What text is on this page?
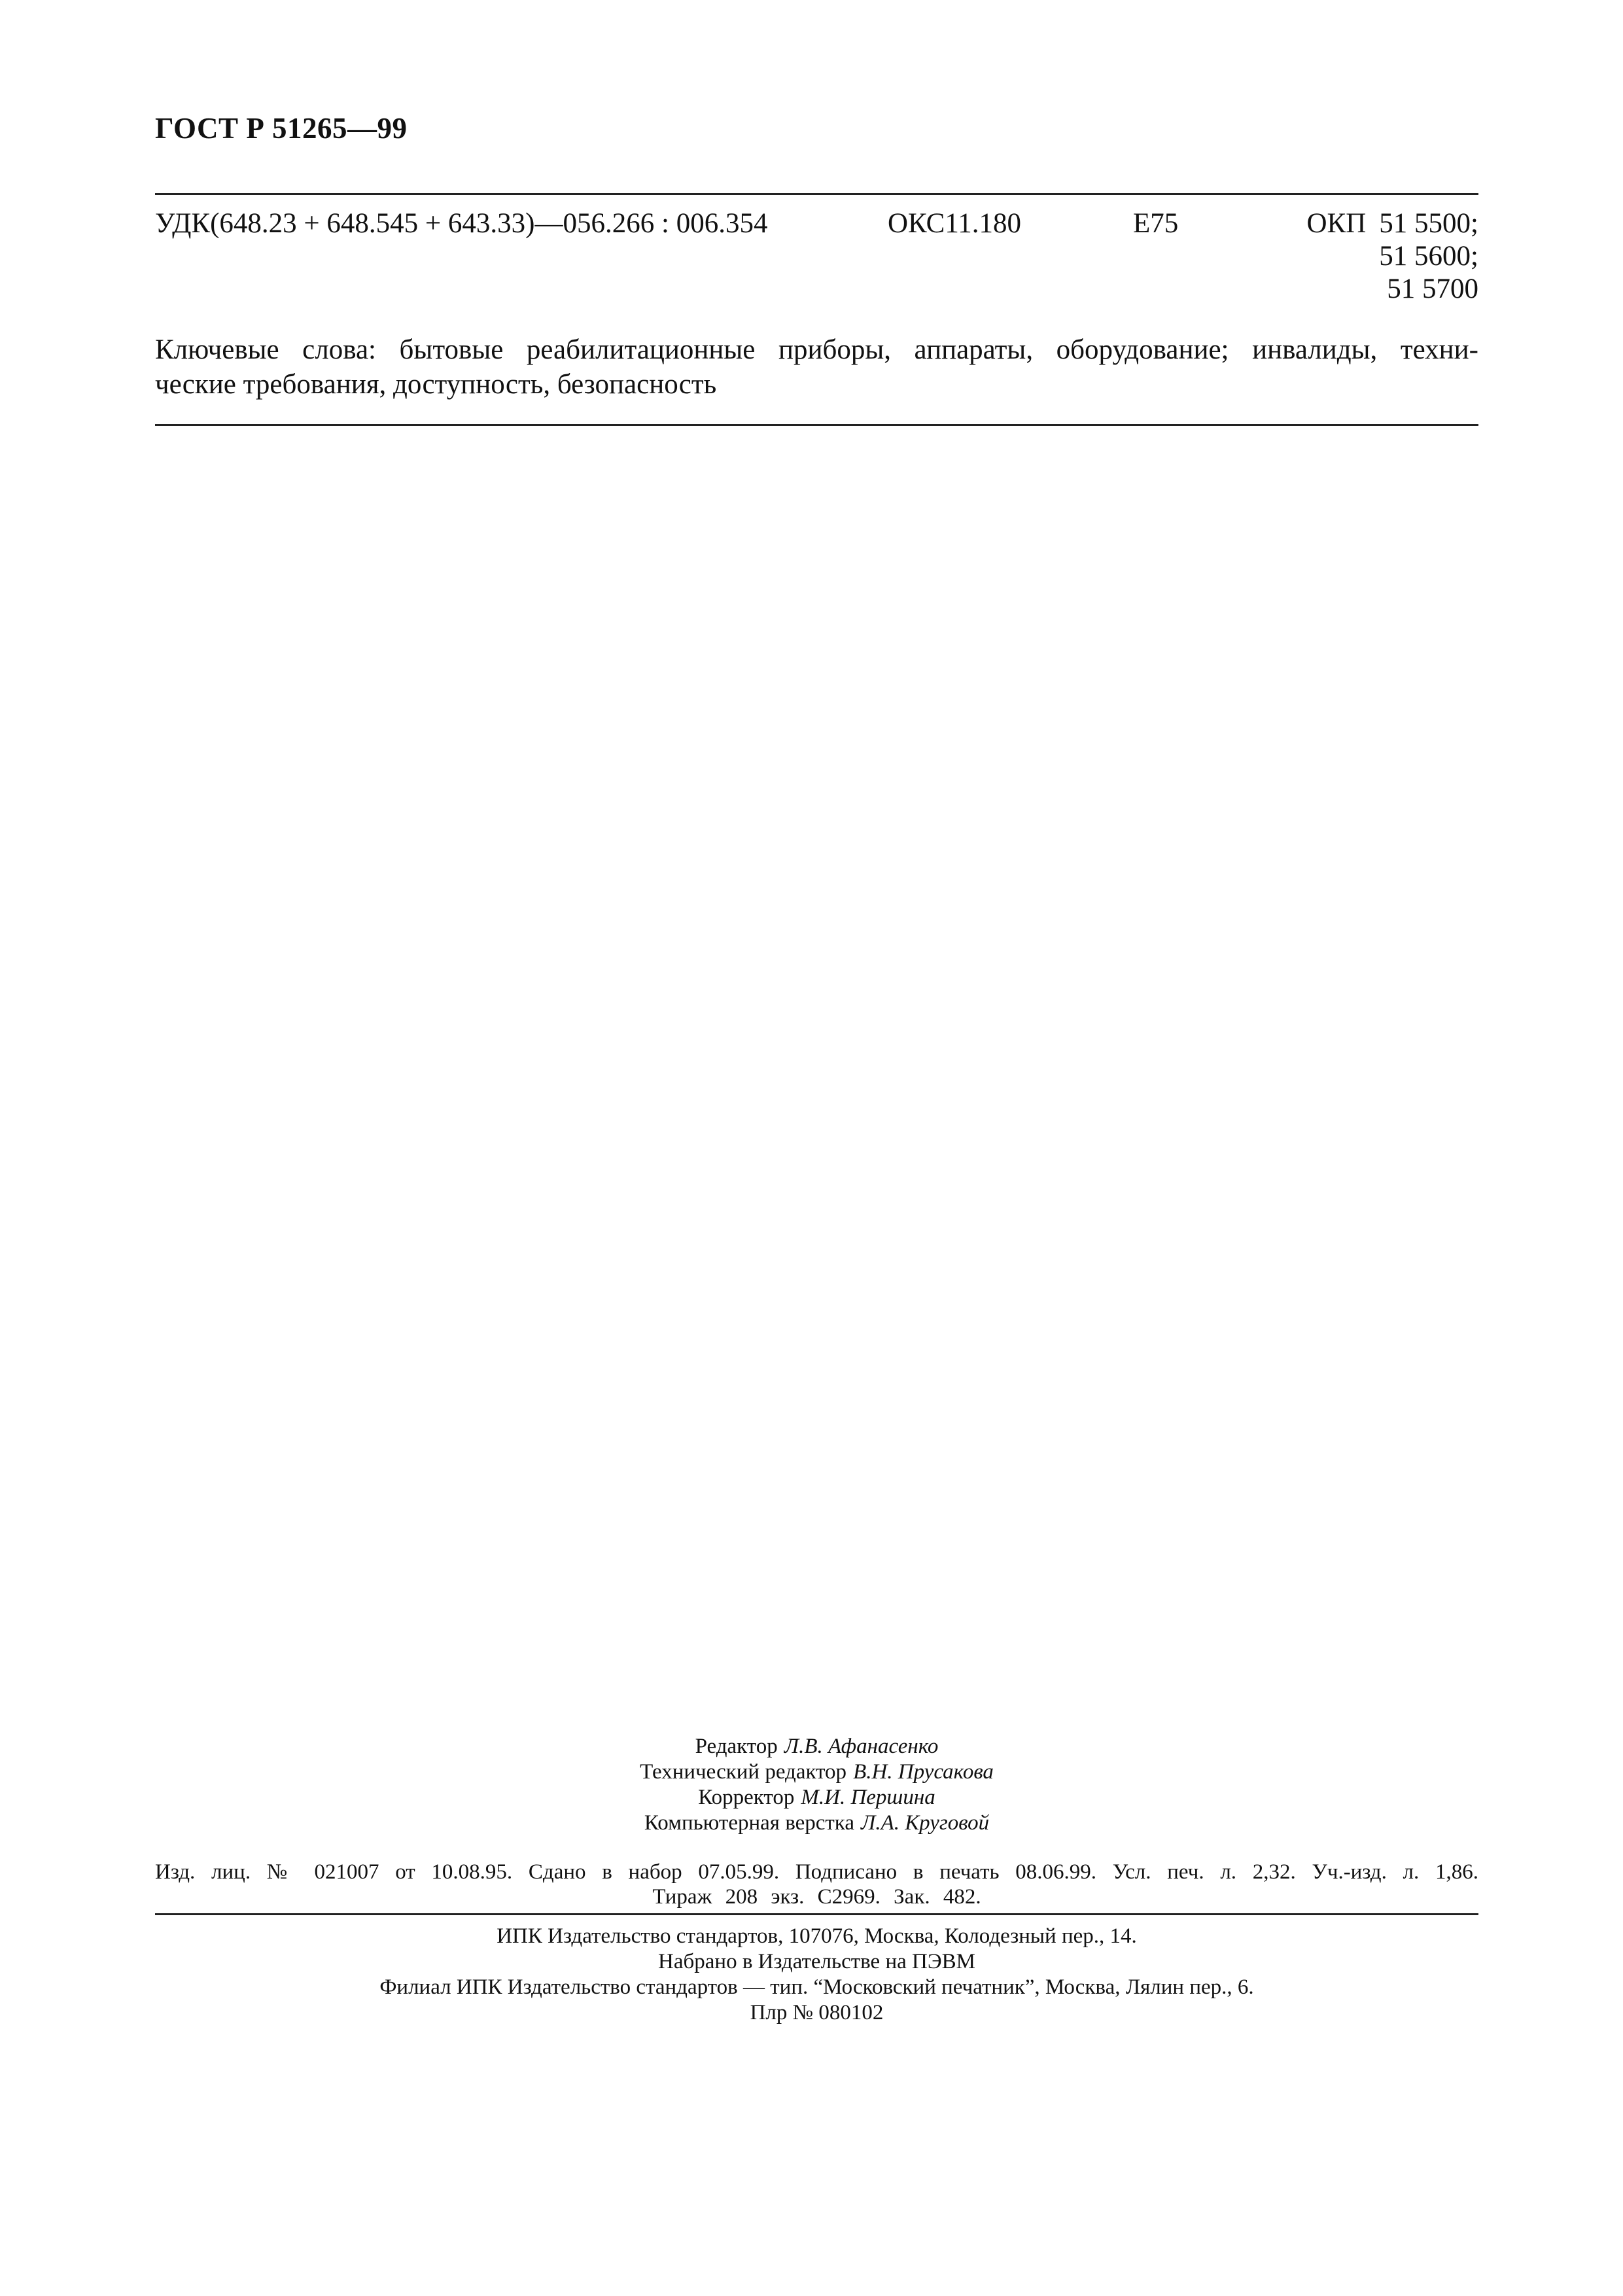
ГОСТ Р 51265—99
УДК(648.23 + 648.545 + 643.33)—056.266 : 006.354	ОКС11.180	Е75	ОКП 51 5500;
51 5600;
51 5700
Ключевые слова: бытовые реабилитационные приборы, аппараты, оборудование; инвалиды, техни-
ческие требования, доступность, безопасность
Редактор Л.В. Афанасенко
Технический редактор В.Н. Прусакова
Корректор М.И. Першина
Компьютерная верстка Л.А. Круговой
Изд. лиц. № 021007 от 10.08.95. Сдано в набор 07.05.99. Подписано в печать 08.06.99. Усл. печ. л. 2,32. Уч.-изд. л. 1,86.
Тираж 208 экз. С2969. Зак. 482.
ИПК Издательство стандартов, 107076, Москва, Колодезный пер., 14.
Набрано в Издательстве на ПЭВМ
Филиал ИПК Издательство стандартов — тип. “Московский печатник”, Москва, Лялин пер., 6.
Плр № 080102
